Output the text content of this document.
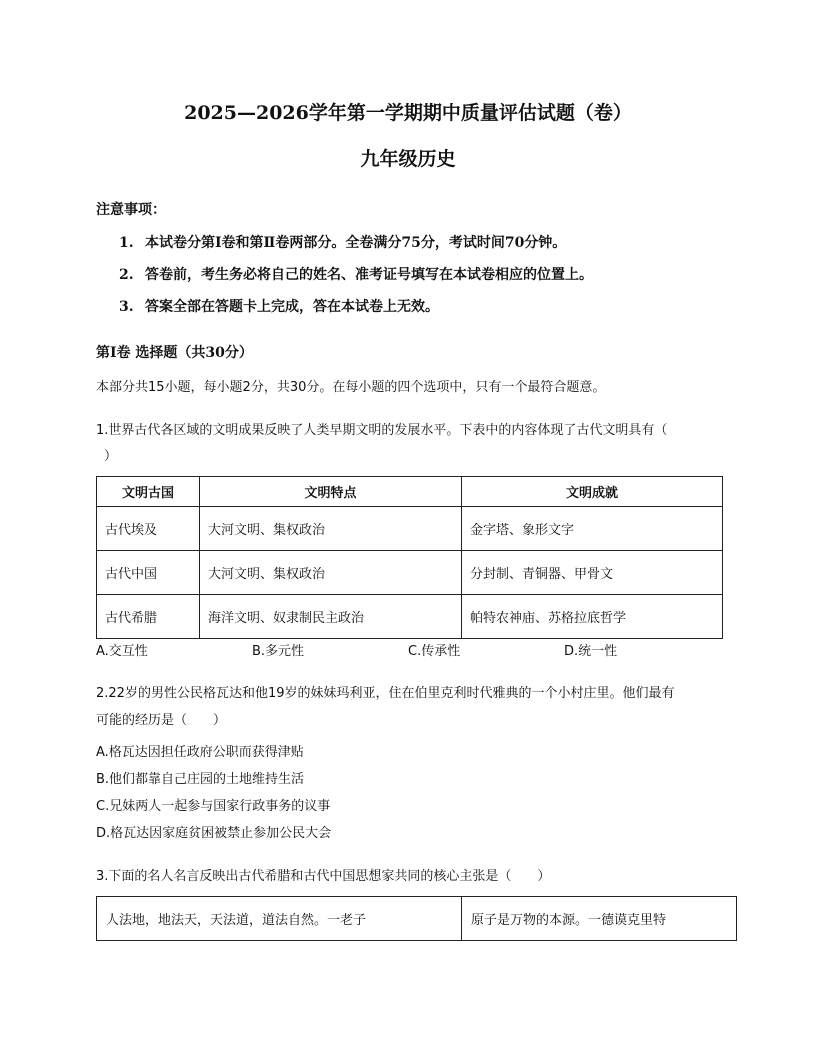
2025—2026学年第一学期期中质量评估试题（卷）
九年级历史
注意事项：
1. 本试卷分第Ⅰ卷和第Ⅱ卷两部分。全卷满分75分，考试时间70分钟。
2. 答卷前，考生务必将自己的姓名、准考证号填写在本试卷相应的位置上。
3. 答案全部在答题卡上完成，答在本试卷上无效。
第Ⅰ卷 选择题（共30分）
本部分共15小题，每小题2分，共30分。在每小题的四个选项中，只有一个最符合题意。
1.世界古代各区域的文明成果反映了人类早期文明的发展水平。下表中的内容体现了古代文明具有（
）
文明古国	文明特点	文明成就
古代埃及	大河文明、集权政治	金字塔、象形文字
古代中国	大河文明、集权政治	分封制、青铜器、甲骨文
古代希腊	海洋文明、奴隶制民主政治	帕特农神庙、苏格拉底哲学
A.交互性	B.多元性	C.传承性	D.统一性
2.22岁的男性公民格瓦达和他19岁的妹妹玛利亚，住在伯里克利时代雅典的一个小村庄里。他们最有
可能的经历是（　　）
A.格瓦达因担任政府公职而获得津贴
B.他们都靠自己庄园的土地维持生活
C.兄妹两人一起参与国家行政事务的议事
D.格瓦达因家庭贫困被禁止参加公民大会
3.下面的名人名言反映出古代希腊和古代中国思想家共同的核心主张是（　　）
人法地，地法天，天法道，道法自然。一老子	原子是万物的本源。一德谟克里特
